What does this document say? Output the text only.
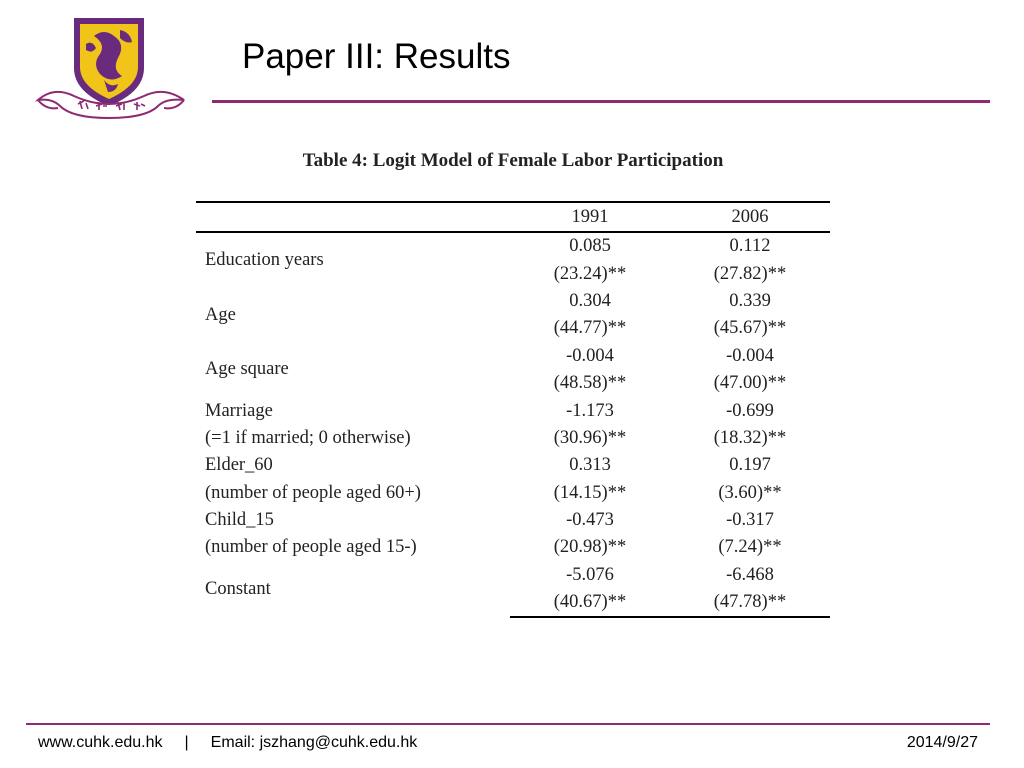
Paper III: Results

Table 4: Logit Model of Female Labor Participation

	1991	2006
Education years	0.085	0.112
	(23.24)**	(27.82)**
Age	0.304	0.339
	(44.77)**	(45.67)**
Age square	-0.004	-0.004
	(48.58)**	(47.00)**
Marriage	-1.173	-0.699
(=1 if married; 0 otherwise)	(30.96)**	(18.32)**
Elder_60	0.313	0.197
(number of people aged 60+)	(14.15)**	(3.60)**
Child_15	-0.473	-0.317
(number of people aged 15-)	(20.98)**	(7.24)**
Constant	-5.076	-6.468
	(40.67)**	(47.78)**
www.cuhk.edu.hk | Email: jszhang@cuhk.edu.hk	2014/9/27
